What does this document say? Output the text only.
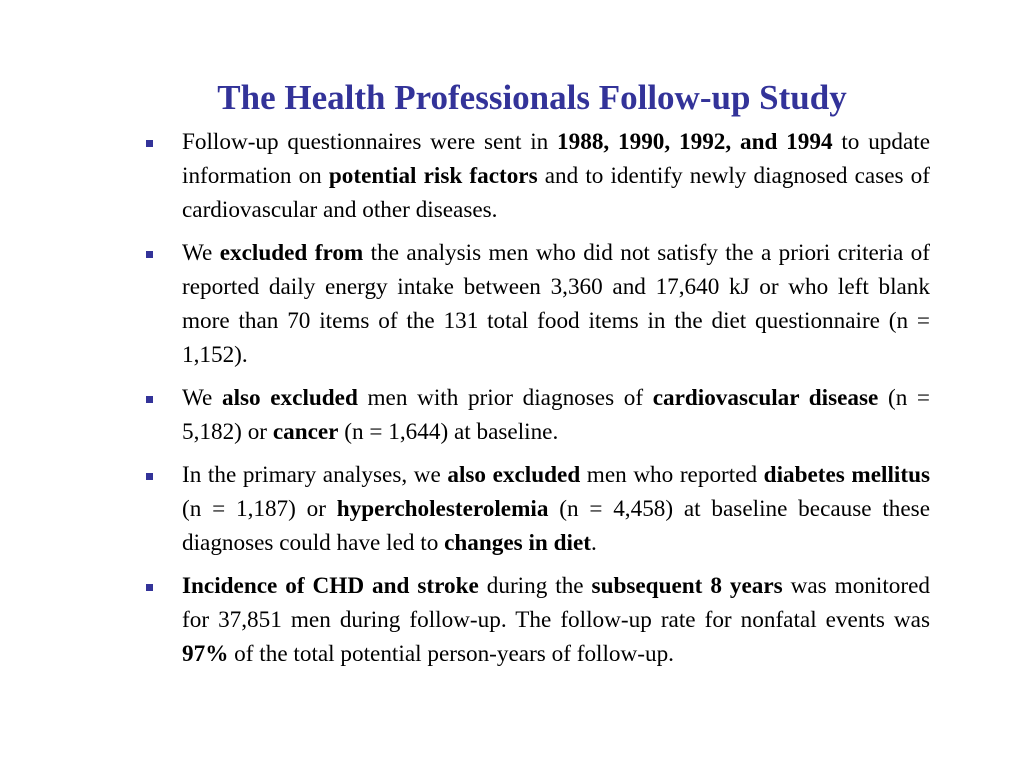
The Health Professionals Follow-up Study
Follow-up questionnaires were sent in 1988, 1990, 1992, and 1994 to update information on potential risk factors and to identify newly diagnosed cases of cardiovascular and other diseases.
We excluded from the analysis men who did not satisfy the a priori criteria of reported daily energy intake between 3,360 and 17,640 kJ or who left blank more than 70 items of the 131 total food items in the diet questionnaire (n = 1,152).
We also excluded men with prior diagnoses of cardiovascular disease (n = 5,182) or cancer (n = 1,644) at baseline.
In the primary analyses, we also excluded men who reported diabetes mellitus (n = 1,187) or hypercholesterolemia (n = 4,458) at baseline because these diagnoses could have led to changes in diet.
Incidence of CHD and stroke during the subsequent 8 years was monitored for 37,851 men during follow-up. The follow-up rate for nonfatal events was 97% of the total potential person-years of follow-up.
